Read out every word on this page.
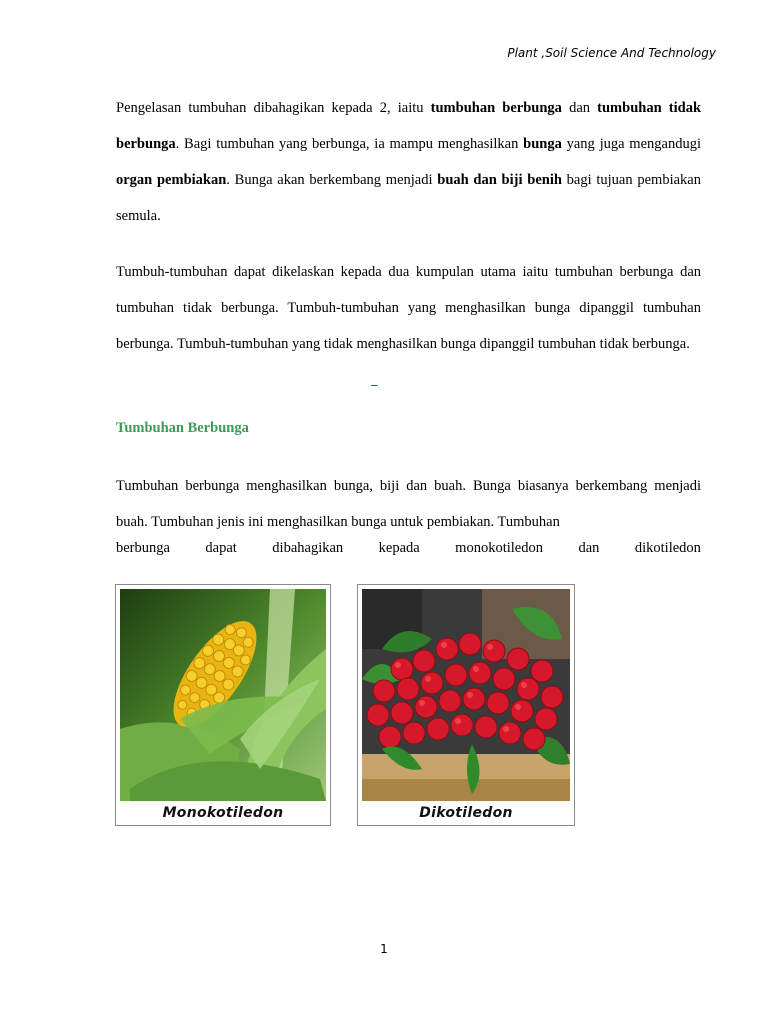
Plant ,Soil Science And Technology

Pengelasan tumbuhan dibahagikan kepada 2, iaitu tumbuhan berbunga dan tumbuhan tidak berbunga. Bagi tumbuhan yang berbunga, ia mampu menghasilkan bunga yang juga mengandugi organ pembiakan. Bunga akan berkembang menjadi buah dan biji benih bagi tujuan pembiakan semula.

Tumbuh-tumbuhan dapat dikelaskan kepada dua kumpulan utama iaitu tumbuhan berbunga dan tumbuhan tidak berbunga. Tumbuh-tumbuhan yang menghasilkan bunga dipanggil tumbuhan berbunga. Tumbuh-tumbuhan yang tidak menghasilkan bunga dipanggil tumbuhan tidak berbunga.

_
Tumbuhan Berbunga

Tumbuhan berbunga menghasilkan bunga, biji dan buah. Bunga biasanya berkembang menjadi buah. Tumbuhan jenis ini menghasilkan bunga untuk pembiakan. Tumbuhan

berbunga dapat dibahagikan kepada monokotiledon dan dikotiledon
Monokotiledon	Dikotiledon
1
